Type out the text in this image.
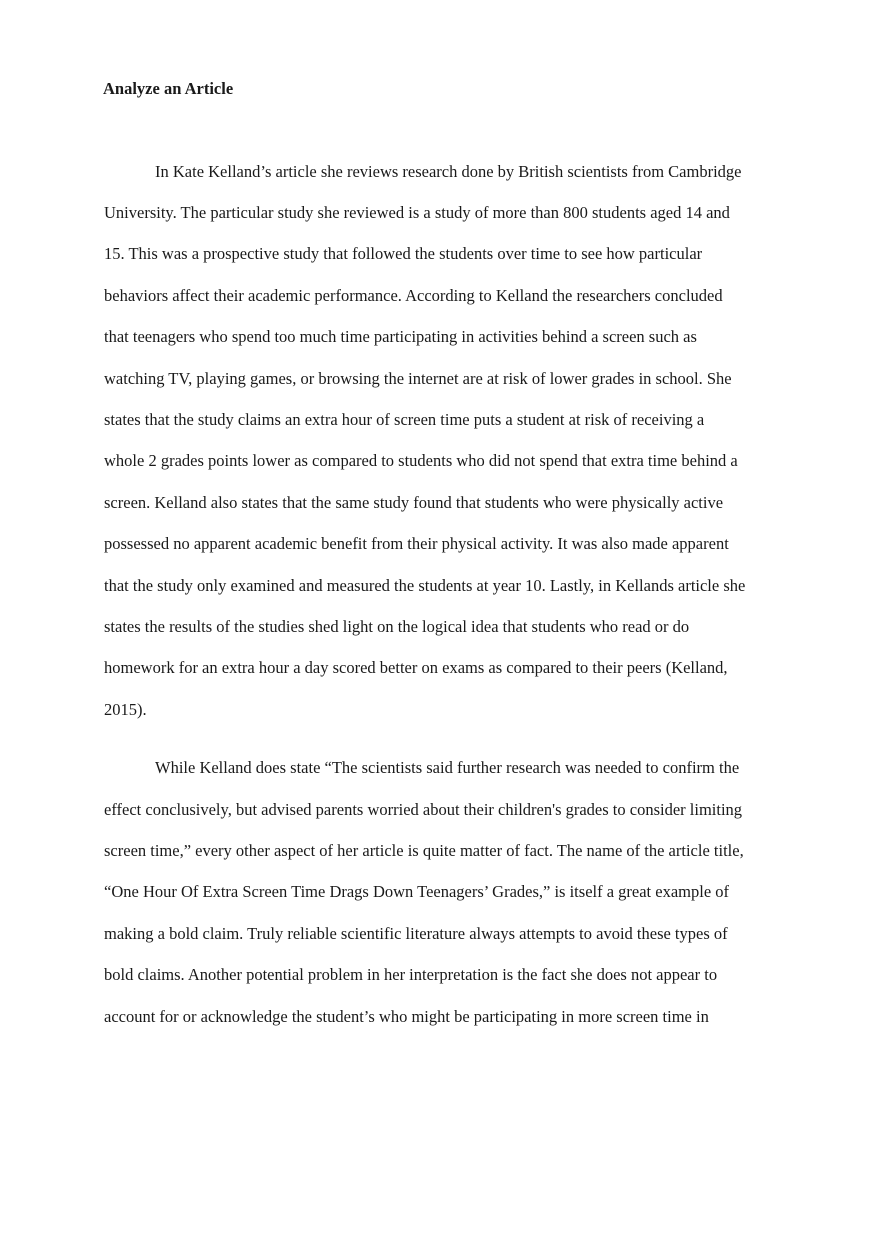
Analyze an Article
In Kate Kelland’s article she reviews research done by British scientists from Cambridge
University. The particular study she reviewed is a study of more than 800 students aged 14 and
15. This was a prospective study that followed the students over time to see how particular
behaviors affect their academic performance. According to Kelland the researchers concluded
that teenagers who spend too much time participating in activities behind a screen such as
watching TV, playing games, or browsing the internet are at risk of lower grades in school. She
states that the study claims an extra hour of screen time puts a student at risk of receiving a
whole 2 grades points lower as compared to students who did not spend that extra time behind a
screen. Kelland also states that the same study found that students who were physically active
possessed no apparent academic benefit from their physical activity. It was also made apparent
that the study only examined and measured the students at year 10. Lastly, in Kellands article she
states the results of the studies shed light on the logical idea that students who read or do
homework for an extra hour a day scored better on exams as compared to their peers (Kelland,
2015).
While Kelland does state “The scientists said further research was needed to confirm the
effect conclusively, but advised parents worried about their children's grades to consider limiting
screen time,” every other aspect of her article is quite matter of fact. The name of the article title,
“One Hour Of Extra Screen Time Drags Down Teenagers’ Grades,” is itself a great example of
making a bold claim. Truly reliable scientific literature always attempts to avoid these types of
bold claims. Another potential problem in her interpretation is the fact she does not appear to
account for or acknowledge the student’s who might be participating in more screen time in
